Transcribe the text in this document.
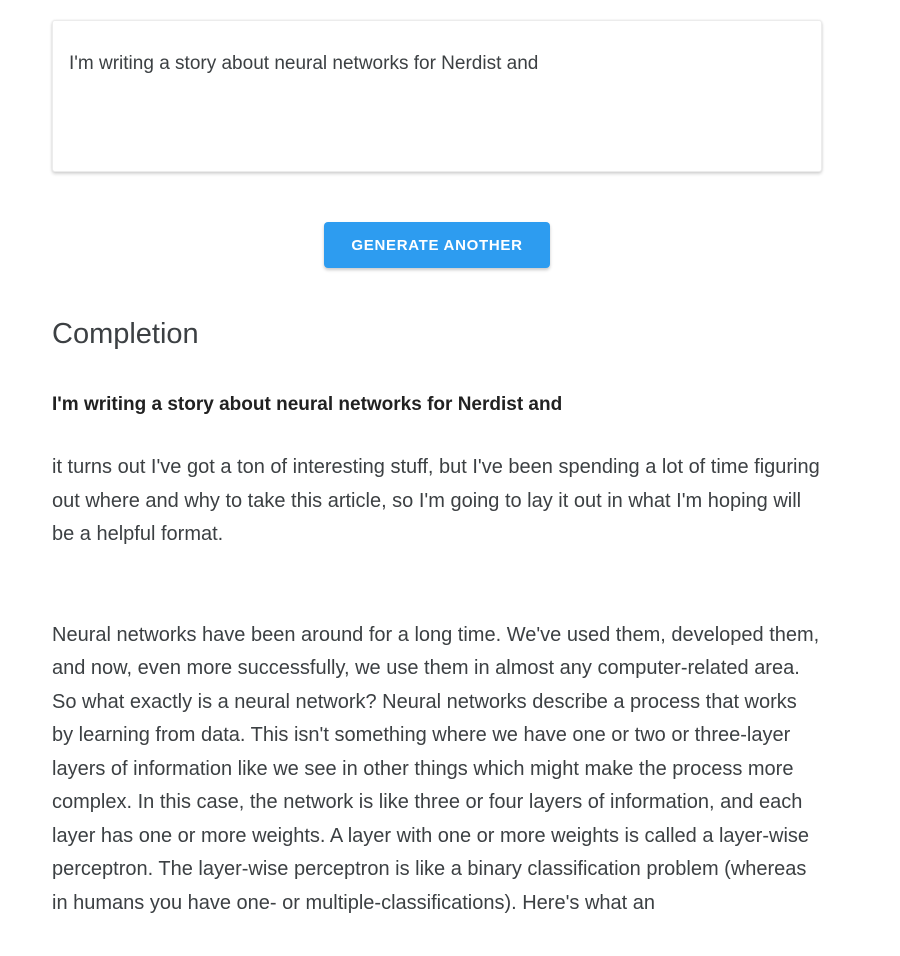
I'm writing a story about neural networks for Nerdist and
GENERATE ANOTHER
Completion

I'm writing a story about neural networks for Nerdist and

it turns out I've got a ton of interesting stuff, but I've been spending a lot of time figuring out where and why to take this article, so I'm going to lay it out in what I'm hoping will be a helpful format.

Neural networks have been around for a long time. We've used them, developed them, and now, even more successfully, we use them in almost any computer-related area. So what exactly is a neural network? Neural networks describe a process that works by learning from data. This isn't something where we have one or two or three-layer layers of information like we see in other things which might make the process more complex. In this case, the network is like three or four layers of information, and each layer has one or more weights. A layer with one or more weights is called a layer-wise perceptron. The layer-wise perceptron is like a binary classification problem (whereas in humans you have one- or multiple-classifications). Here's what an
